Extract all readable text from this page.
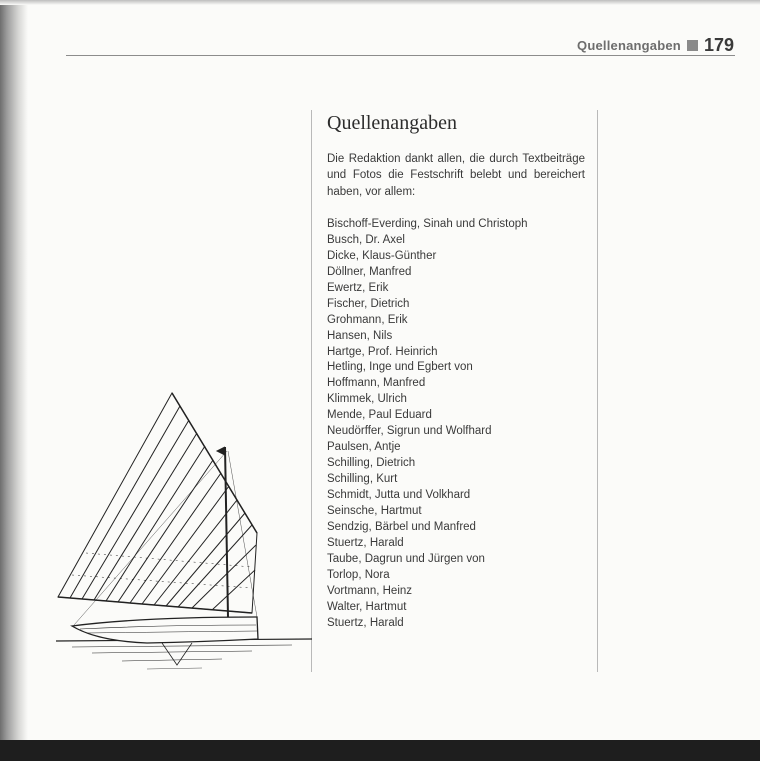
Quellenangaben 179
Quellenangaben

Die Redaktion dankt allen, die durch Textbeiträge und Fotos die Festschrift belebt und bereichert haben, vor allem:

Bischoff-Everding, Sinah und Christoph
Busch, Dr. Axel
Dicke, Klaus-Günther
Döllner, Manfred
Ewertz, Erik
Fischer, Dietrich
Grohmann, Erik
Hansen, Nils
Hartge, Prof. Heinrich
Hetling, Inge und Egbert von
Hoffmann, Manfred
Klimmek, Ulrich
Mende, Paul Eduard
Neudörffer, Sigrun und Wolfhard
Paulsen, Antje
Schilling, Dietrich
Schilling, Kurt
Schmidt, Jutta und Volkhard
Seinsche, Hartmut
Sendzig, Bärbel und Manfred
Stuertz, Harald
Taube, Dagrun und Jürgen von
Torlop, Nora
Vortmann, Heinz
Walter, Hartmut
Stuertz, Harald
